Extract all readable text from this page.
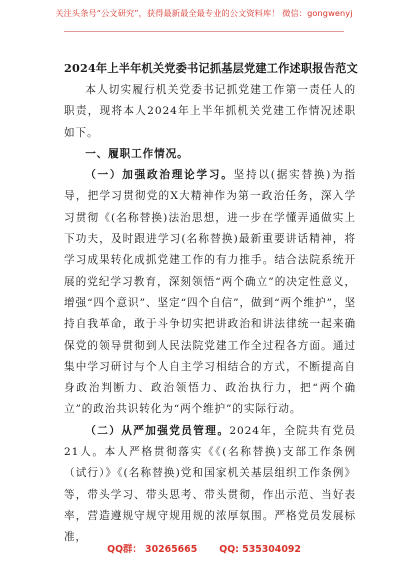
关注头条号“公文研究”，获得最新最全最专业的公文资料库！ 微信：gongwenyj
2024年上半年机关党委书记抓基层党建工作述职报告范文

本人切实履行机关党委书记抓党建工作第一责任人的职责，现将本人2024年上半年抓机关党建工作情况述职如下。

一、履职工作情况。

（一）加强政治理论学习。坚持以(据实替换)为指导，把学习贯彻党的X大精神作为第一政治任务，深入学习贯彻《(名称替换)法治思想，进一步在学懂弄通做实上下功夫，及时跟进学习(名称替换)最新重要讲话精神，将学习成果转化成抓党建工作的有力推手。结合法院系统开展的党纪学习教育，深刻领悟“两个确立”的决定性意义，增强“四个意识”、坚定“四个自信”，做到“两个维护”，坚持自我革命，敢于斗争切实把讲政治和讲法律统一起来确保党的领导贯彻到人民法院党建工作全过程各方面。通过集中学习研讨与个人自主学习相结合的方式，不断提高自身政治判断力、政治领悟力、政治执行力，把“两个确立”的政治共识转化为“两个维护”的实际行动。

（二）从严加强党员管理。2024年，全院共有党员21人。本人严格贯彻落实《《(名称替换)支部工作条例（试行）》《(名称替换)党和国家机关基层组织工作条例》等，带头学习、带头思考、带头贯彻，作出示范、当好表率，营造遵规守规守规用规的浓厚氛围。严格党员发展标准，

QQ群： 30265665 QQ: 535304092
